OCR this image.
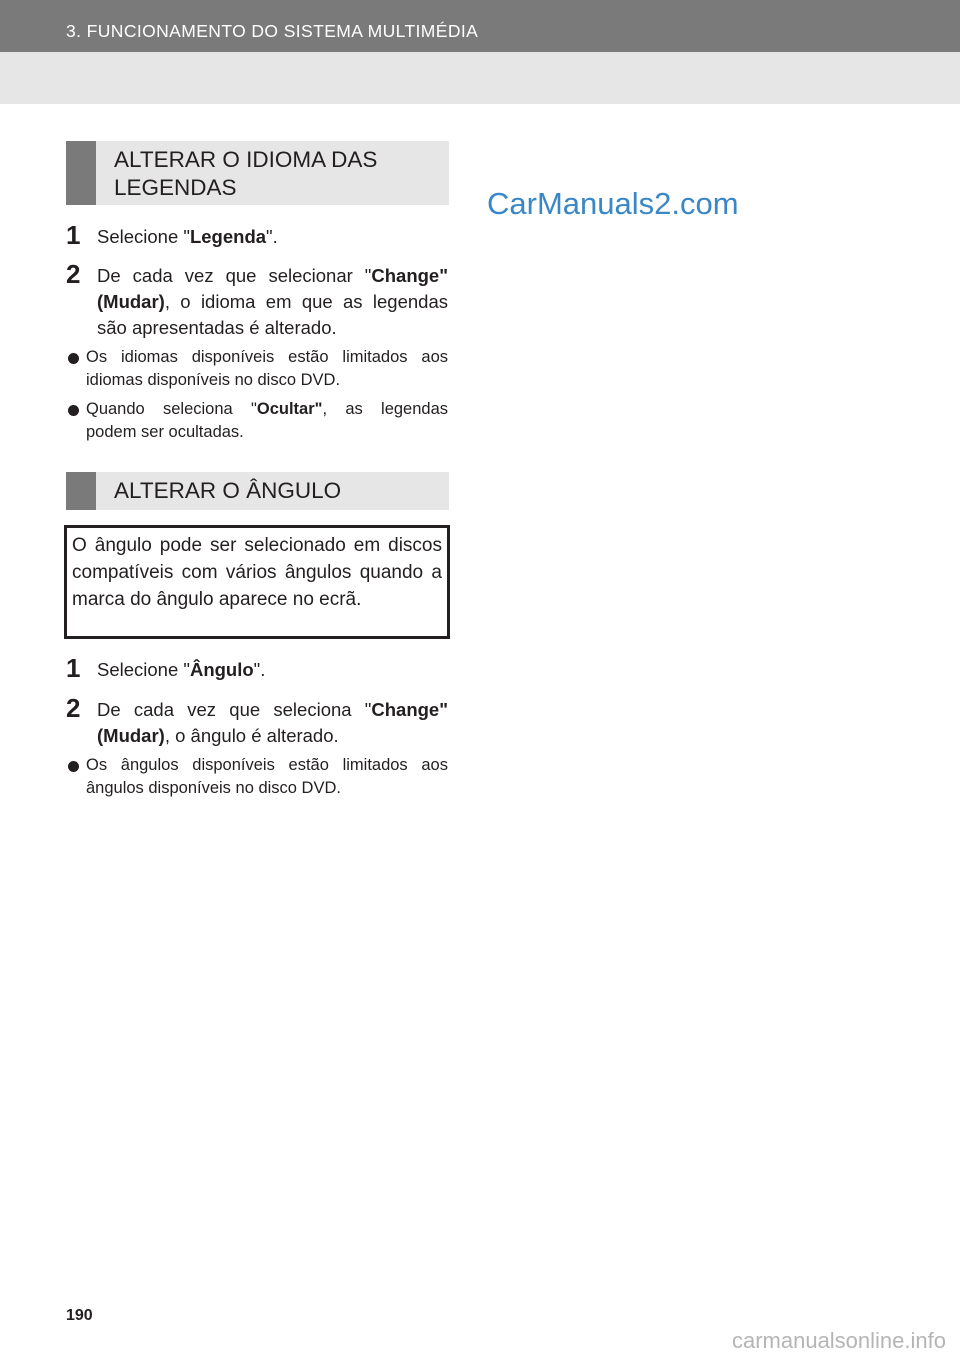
3. FUNCIONAMENTO DO SISTEMA MULTIMÉDIA
ALTERAR O IDIOMA DAS LEGENDAS	CarManuals2.com
1 Selecione "Legenda".
2 De cada vez que selecionar "Change" (Mudar), o idioma em que as legendas são apresentadas é alterado.
Os idiomas disponíveis estão limitados aos idiomas disponíveis no disco DVD.
Quando seleciona "Ocultar", as legendas podem ser ocultadas.
ALTERAR O ÂNGULO
O ângulo pode ser selecionado em discos compatíveis com vários ângulos quando a marca do ângulo aparece no ecrã.
1 Selecione "Ângulo".
2 De cada vez que seleciona "Change" (Mudar), o ângulo é alterado.
Os ângulos disponíveis estão limitados aos ângulos disponíveis no disco DVD.
190
carmanualsonline.info
